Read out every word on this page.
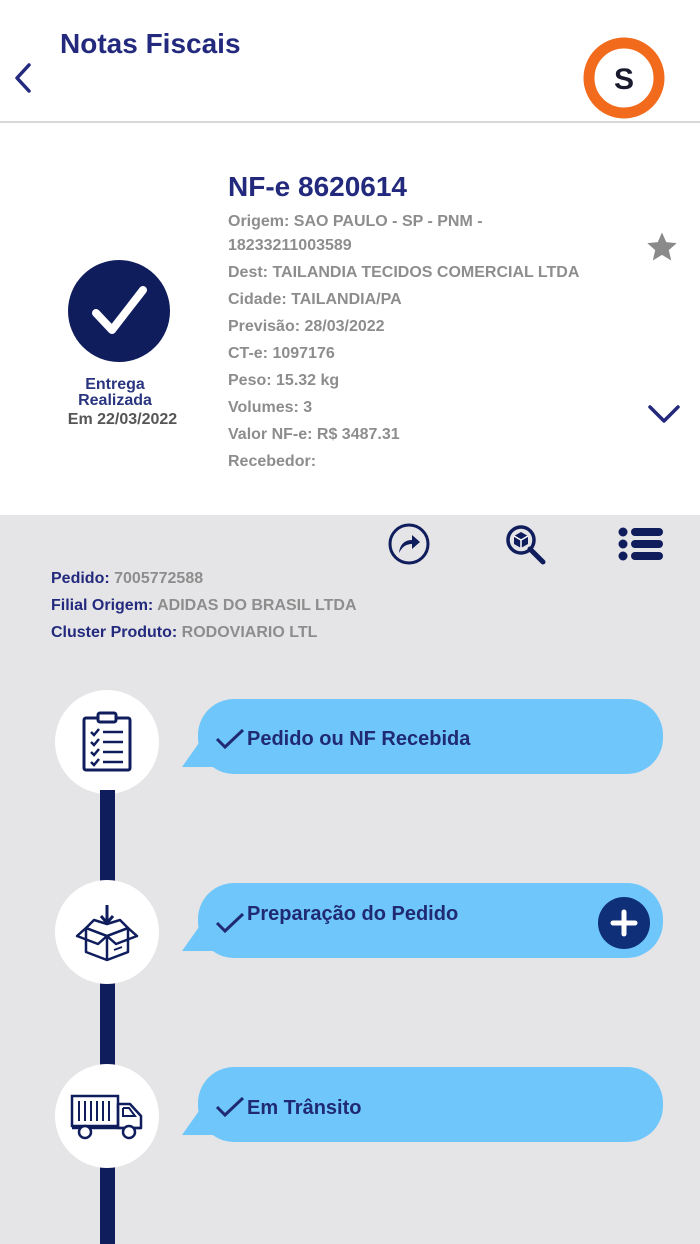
Notas Fiscais
S
Entrega
Realizada
Em 22/03/2022
NF-e 8620614
Origem: SAO PAULO - SP - PNM - 18233211003589
Dest: TAILANDIA TECIDOS COMERCIAL LTDA
Cidade: TAILANDIA/PA
Previsão: 28/03/2022
CT-e: 1097176
Peso: 15.32 kg
Volumes: 3
Valor NF-e: R$ 3487.31
Recebedor:
Pedido: 7005772588
Filial Origem: ADIDAS DO BRASIL LTDA
Cluster Produto: RODOVIARIO LTL
Pedido ou NF Recebida
Preparação do Pedido
Em Trânsito
